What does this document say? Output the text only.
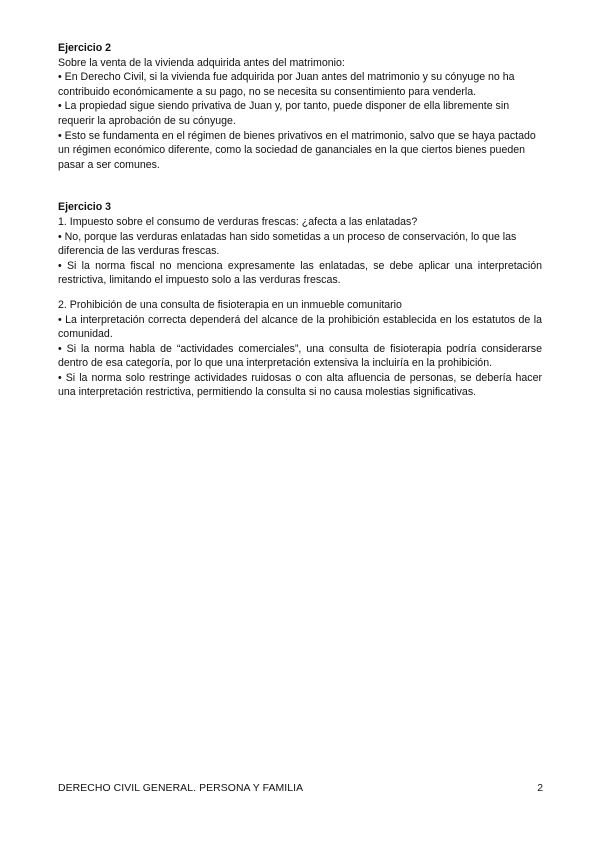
Ejercicio 2

Sobre la venta de la vivienda adquirida antes del matrimonio:

• En Derecho Civil, si la vivienda fue adquirida por Juan antes del matrimonio y su cónyuge no ha contribuido económicamente a su pago, no se necesita su consentimiento para venderla.

• La propiedad sigue siendo privativa de Juan y, por tanto, puede disponer de ella libremente sin requerir la aprobación de su cónyuge.

• Esto se fundamenta en el régimen de bienes privativos en el matrimonio, salvo que se haya pactado un régimen económico diferente, como la sociedad de gananciales en la que ciertos bienes pueden pasar a ser comunes.

Ejercicio 3

1. Impuesto sobre el consumo de verduras frescas: ¿afecta a las enlatadas?

• No, porque las verduras enlatadas han sido sometidas a un proceso de conservación, lo que las diferencia de las verduras frescas.

• Si la norma fiscal no menciona expresamente las enlatadas, se debe aplicar una interpretación restrictiva, limitando el impuesto solo a las verduras frescas.

2. Prohibición de una consulta de fisioterapia en un inmueble comunitario

• La interpretación correcta dependerá del alcance de la prohibición establecida en los estatutos de la comunidad.

• Si la norma habla de “actividades comerciales”, una consulta de fisioterapia podría considerarse dentro de esa categoría, por lo que una interpretación extensiva la incluiría en la prohibición.

• Si la norma solo restringe actividades ruidosas o con alta afluencia de personas, se debería hacer una interpretación restrictiva, permitiendo la consulta si no causa molestias significativas.

DERECHO CIVIL GENERAL. PERSONA Y FAMILIA	2
